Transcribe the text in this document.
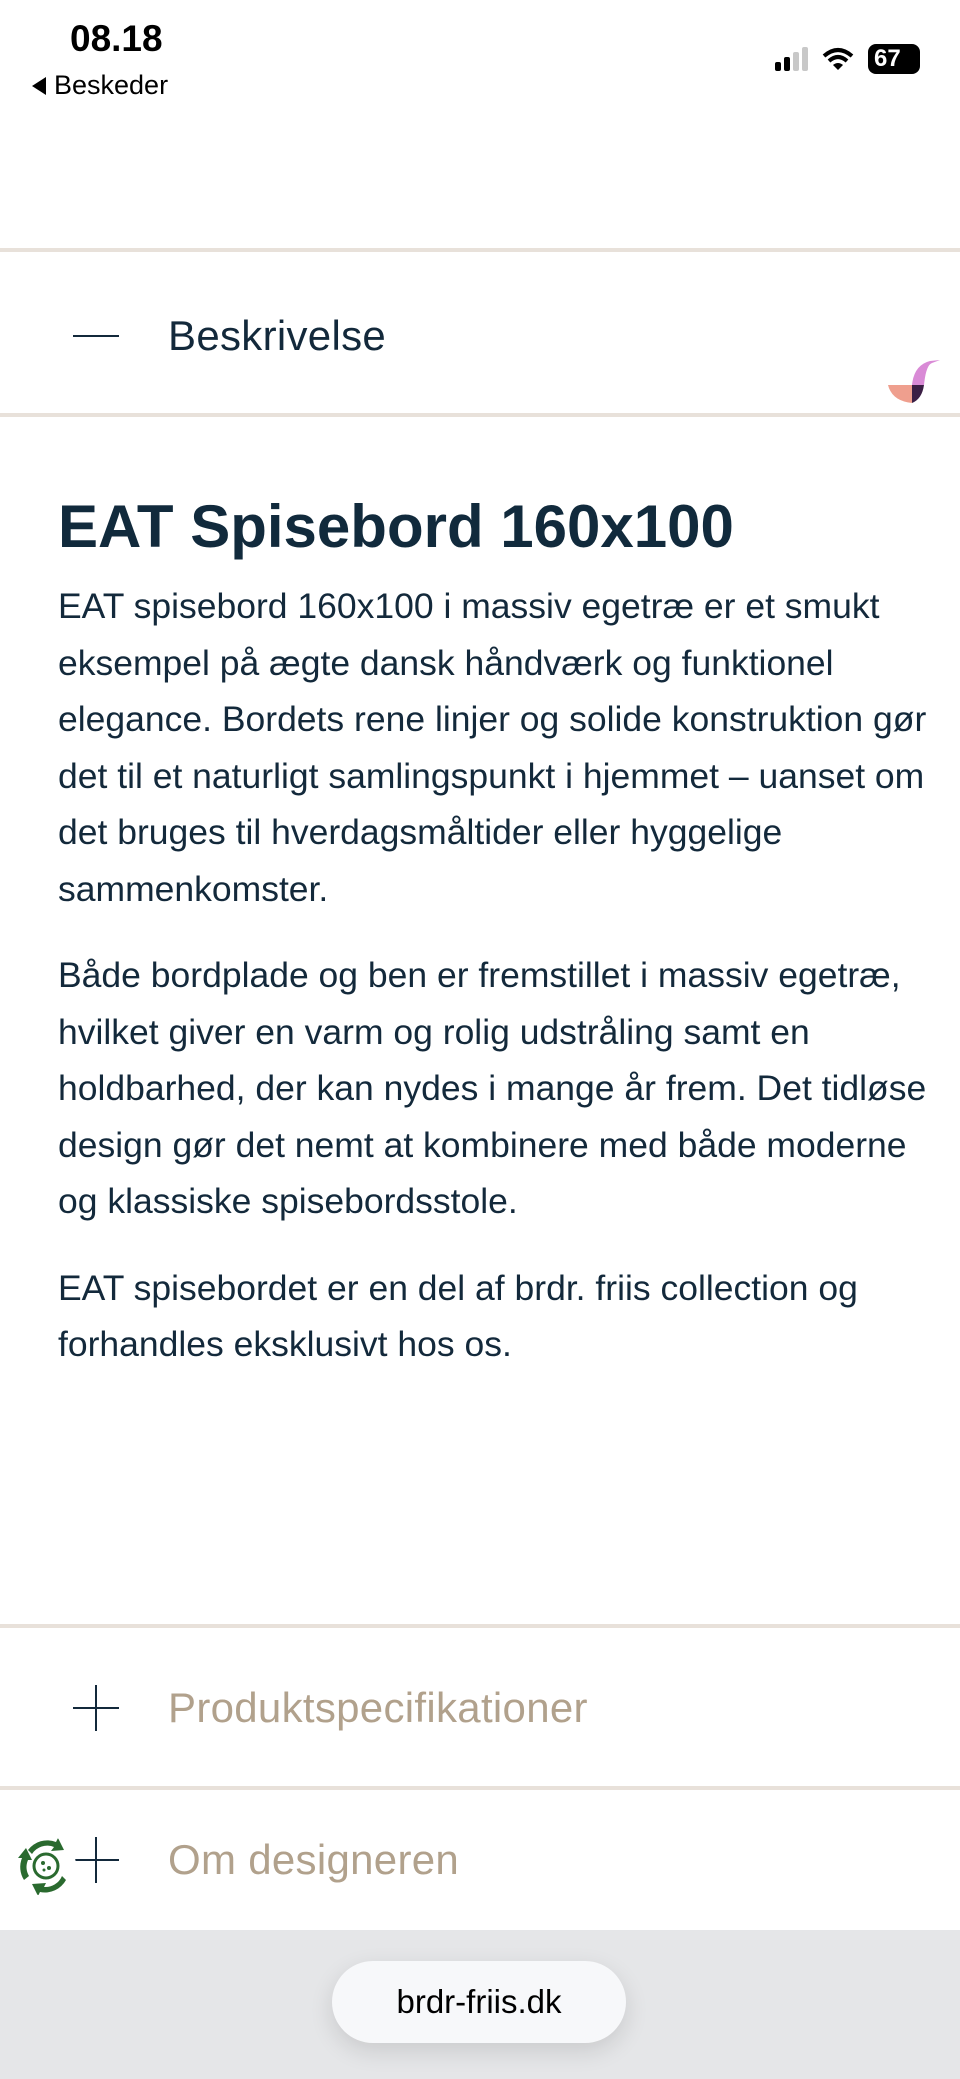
08.18
Beskeder
67
Beskrivelse
EAT Spisebord 160x100

EAT spisebord 160x100 i massiv egetræ er et smukt eksempel på ægte dansk håndværk og funktionel elegance. Bordets rene linjer og solide konstruktion gør det til et naturligt samlingspunkt i hjemmet – uanset om det bruges til hverdagsmåltider eller hyggelige sammenkomster.

Både bordplade og ben er fremstillet i massiv egetræ, hvilket giver en varm og rolig udstråling samt en holdbarhed, der kan nydes i mange år frem. Det tidløse design gør det nemt at kombinere med både moderne og klassiske spisebordsstole.

EAT spisebordet er en del af brdr. friis collection og forhandles eksklusivt hos os.

Produktspecifikationer
Om designeren
brdr-friis.dk
